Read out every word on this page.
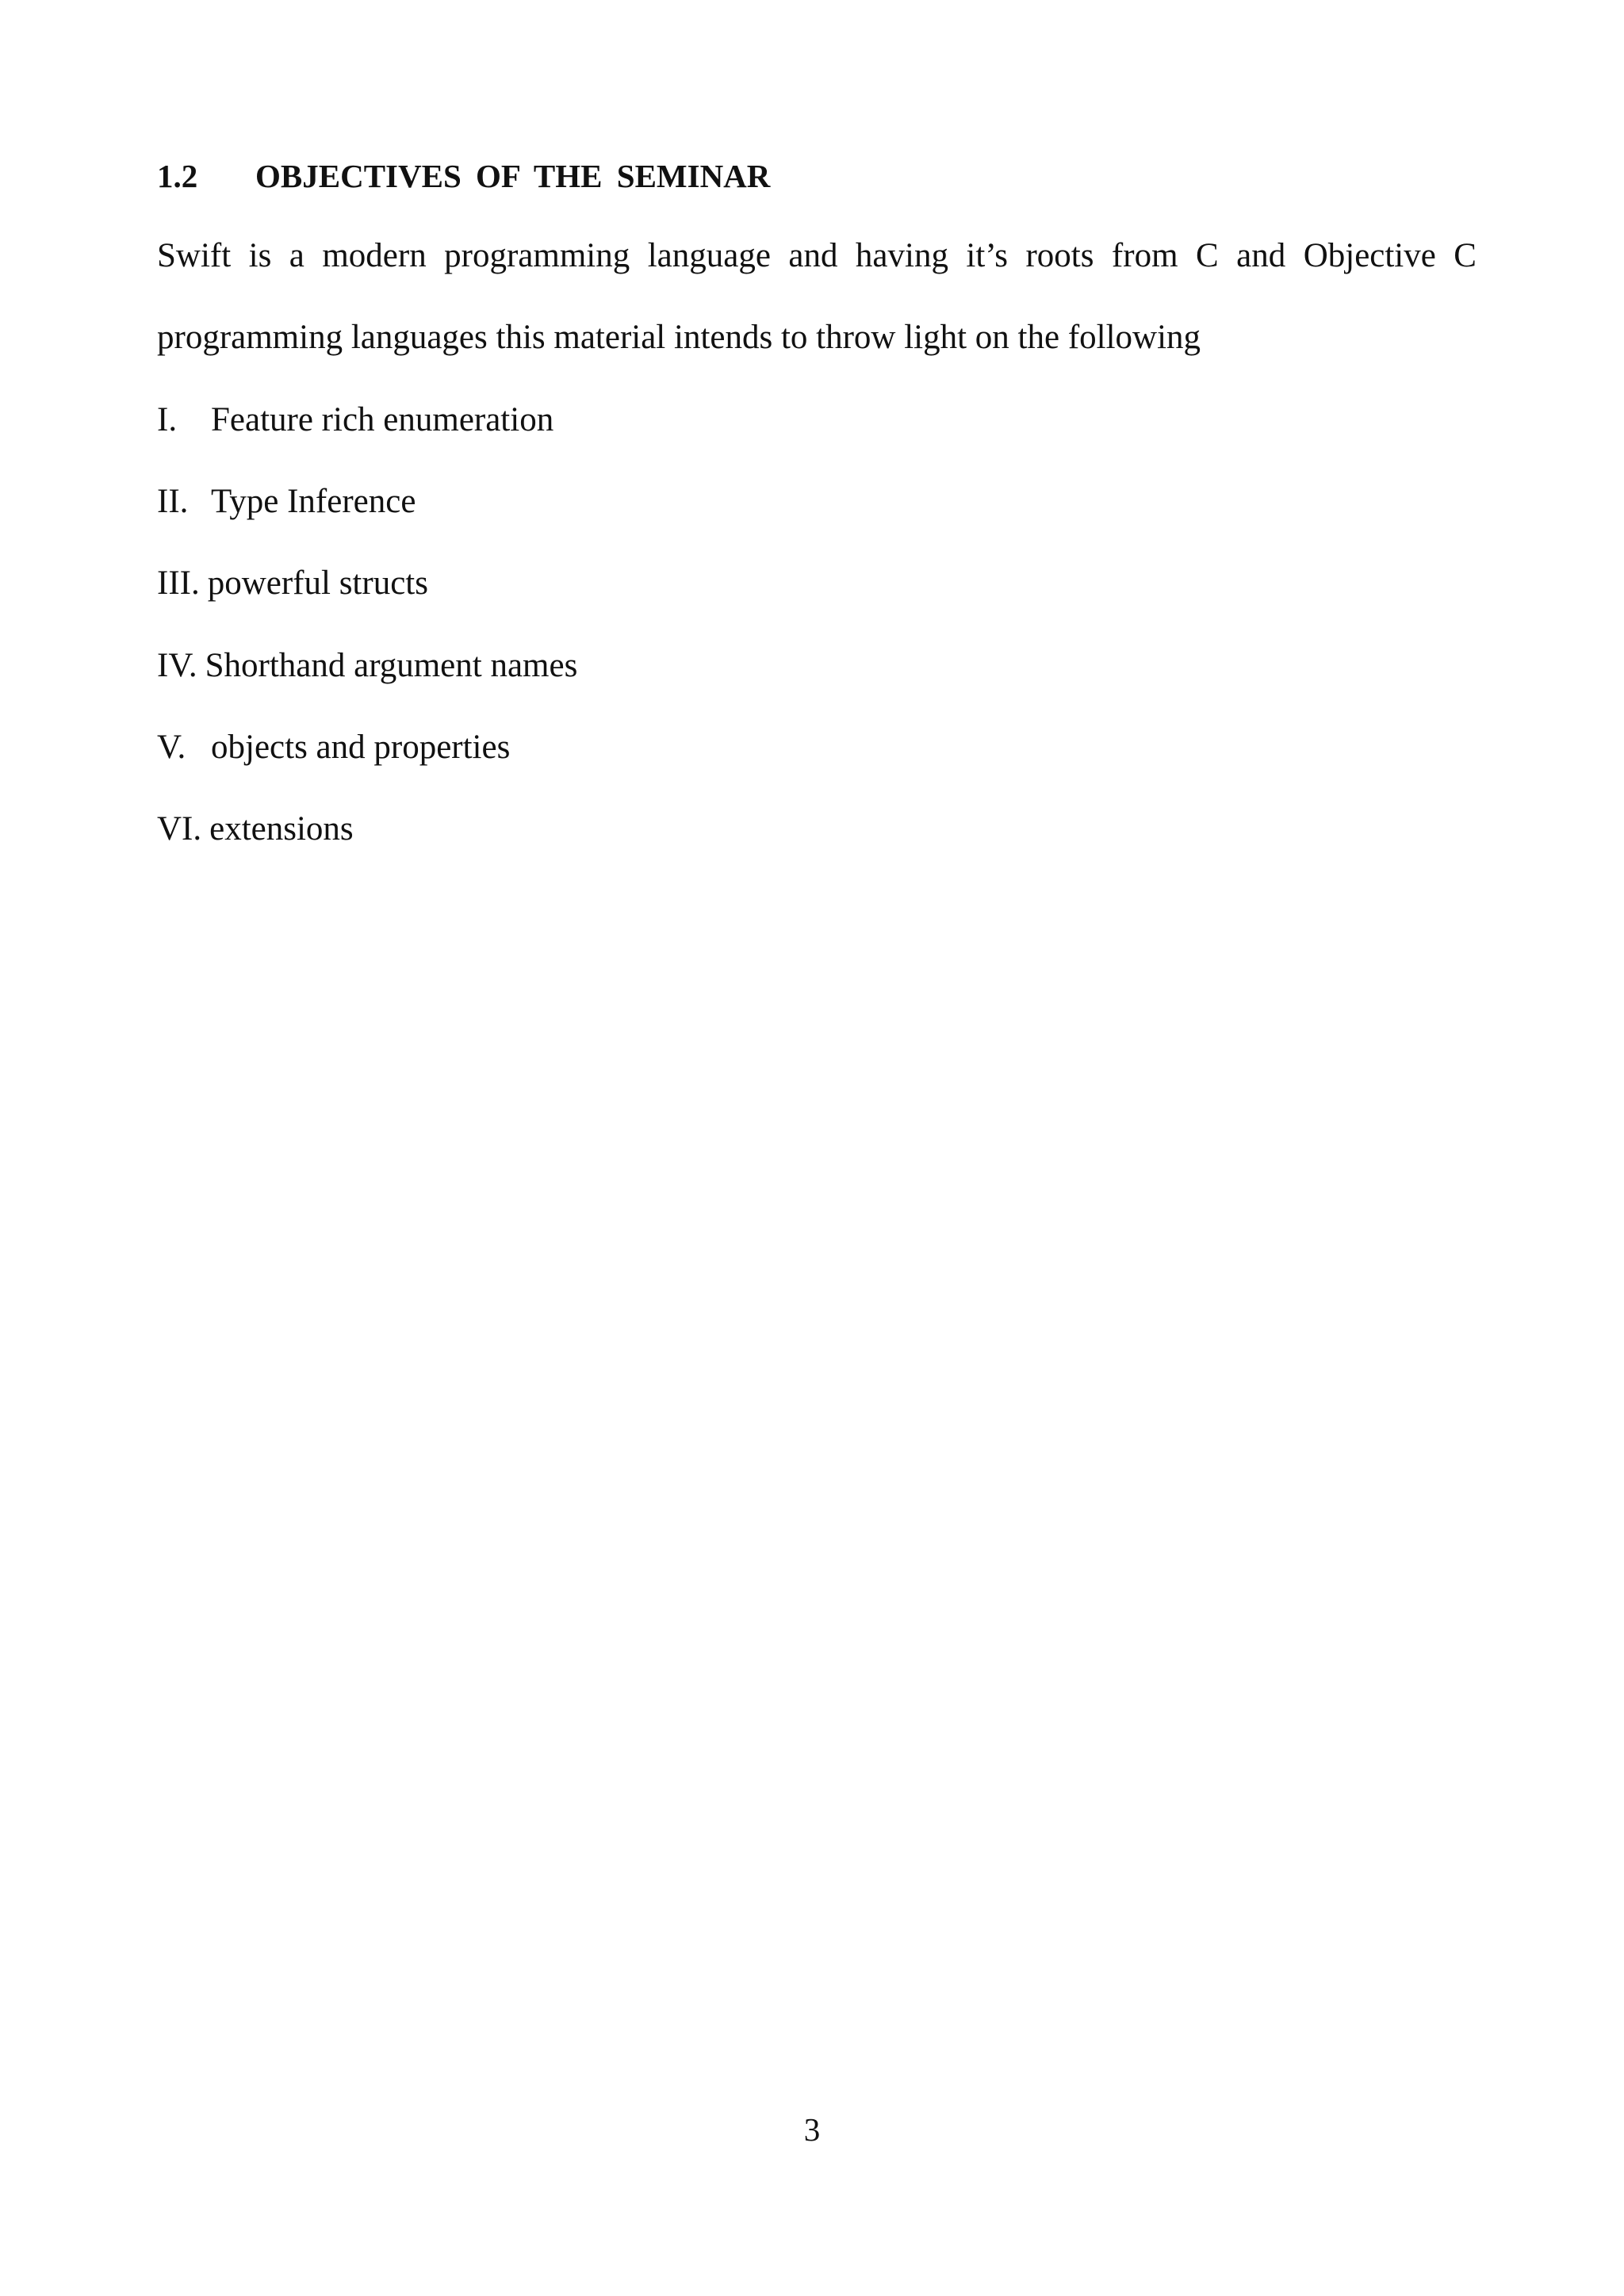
1.2 OBJECTIVES OF THE SEMINAR
Swift is a modern programming language and having it’s roots from C and Objective C
programming languages this material intends to throw light on the following
I. Feature rich enumeration
II. Type Inference
III. powerful structs
IV. Shorthand argument names
V. objects and properties
VI. extensions
3
